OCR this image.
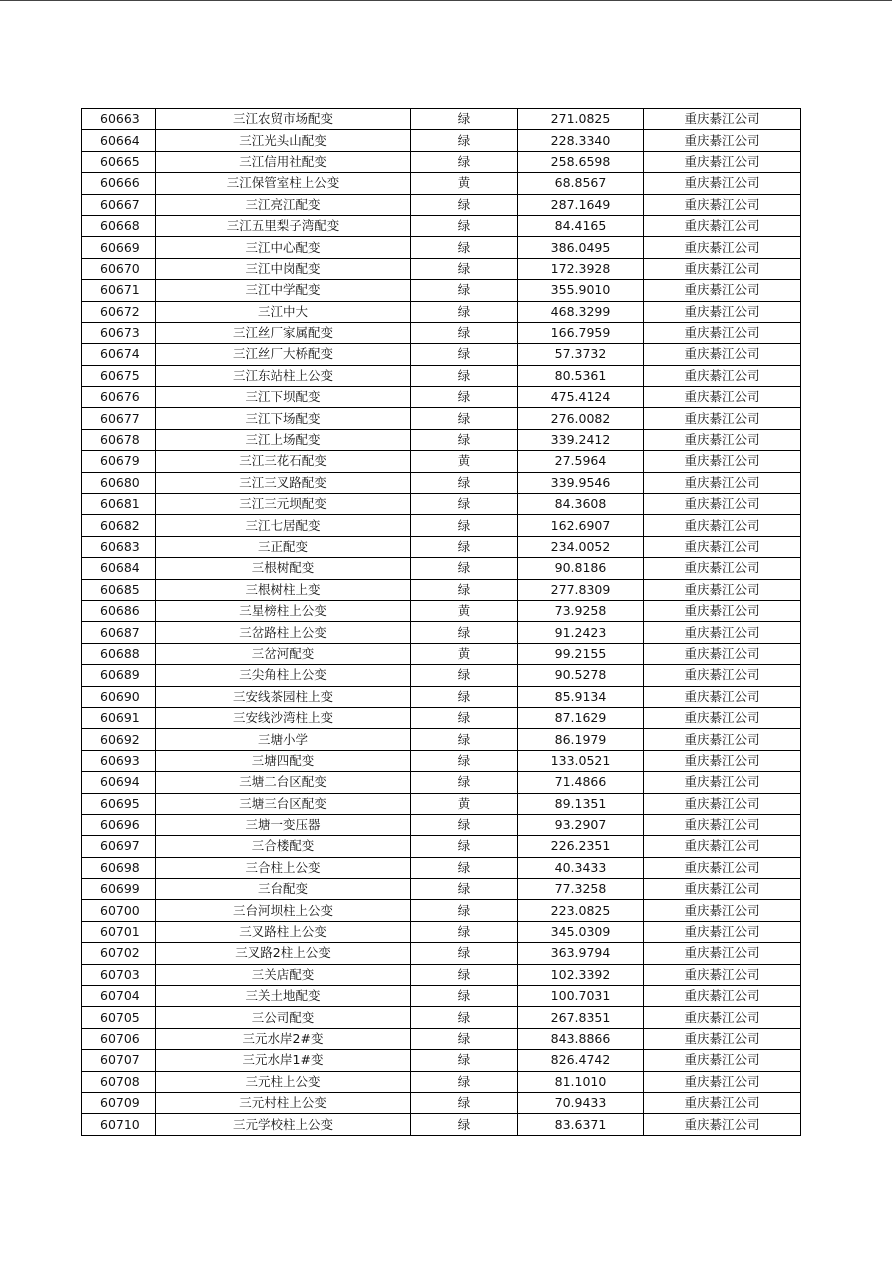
60663	三江农贸市场配变	绿	271.0825	重庆綦江公司
60664	三江光头山配变	绿	228.3340	重庆綦江公司
60665	三江信用社配变	绿	258.6598	重庆綦江公司
60666	三江保管室柱上公变	黄	68.8567	重庆綦江公司
60667	三江亮江配变	绿	287.1649	重庆綦江公司
60668	三江五里梨子湾配变	绿	84.4165	重庆綦江公司
60669	三江中心配变	绿	386.0495	重庆綦江公司
60670	三江中岗配变	绿	172.3928	重庆綦江公司
60671	三江中学配变	绿	355.9010	重庆綦江公司
60672	三江中大	绿	468.3299	重庆綦江公司
60673	三江丝厂家属配变	绿	166.7959	重庆綦江公司
60674	三江丝厂大桥配变	绿	57.3732	重庆綦江公司
60675	三江东站柱上公变	绿	80.5361	重庆綦江公司
60676	三江下坝配变	绿	475.4124	重庆綦江公司
60677	三江下场配变	绿	276.0082	重庆綦江公司
60678	三江上场配变	绿	339.2412	重庆綦江公司
60679	三江三花石配变	黄	27.5964	重庆綦江公司
60680	三江三叉路配变	绿	339.9546	重庆綦江公司
60681	三江三元坝配变	绿	84.3608	重庆綦江公司
60682	三江七居配变	绿	162.6907	重庆綦江公司
60683	三正配变	绿	234.0052	重庆綦江公司
60684	三根树配变	绿	90.8186	重庆綦江公司
60685	三根树柱上变	绿	277.8309	重庆綦江公司
60686	三星榜柱上公变	黄	73.9258	重庆綦江公司
60687	三岔路柱上公变	绿	91.2423	重庆綦江公司
60688	三岔河配变	黄	99.2155	重庆綦江公司
60689	三尖角柱上公变	绿	90.5278	重庆綦江公司
60690	三安线茶园柱上变	绿	85.9134	重庆綦江公司
60691	三安线沙湾柱上变	绿	87.1629	重庆綦江公司
60692	三塘小学	绿	86.1979	重庆綦江公司
60693	三塘四配变	绿	133.0521	重庆綦江公司
60694	三塘二台区配变	绿	71.4866	重庆綦江公司
60695	三塘三台区配变	黄	89.1351	重庆綦江公司
60696	三塘一变压器	绿	93.2907	重庆綦江公司
60697	三合楼配变	绿	226.2351	重庆綦江公司
60698	三合柱上公变	绿	40.3433	重庆綦江公司
60699	三台配变	绿	77.3258	重庆綦江公司
60700	三台河坝柱上公变	绿	223.0825	重庆綦江公司
60701	三叉路柱上公变	绿	345.0309	重庆綦江公司
60702	三叉路2柱上公变	绿	363.9794	重庆綦江公司
60703	三关店配变	绿	102.3392	重庆綦江公司
60704	三关土地配变	绿	100.7031	重庆綦江公司
60705	三公司配变	绿	267.8351	重庆綦江公司
60706	三元水岸2#变	绿	843.8866	重庆綦江公司
60707	三元水岸1#变	绿	826.4742	重庆綦江公司
60708	三元柱上公变	绿	81.1010	重庆綦江公司
60709	三元村柱上公变	绿	70.9433	重庆綦江公司
60710	三元学校柱上公变	绿	83.6371	重庆綦江公司
